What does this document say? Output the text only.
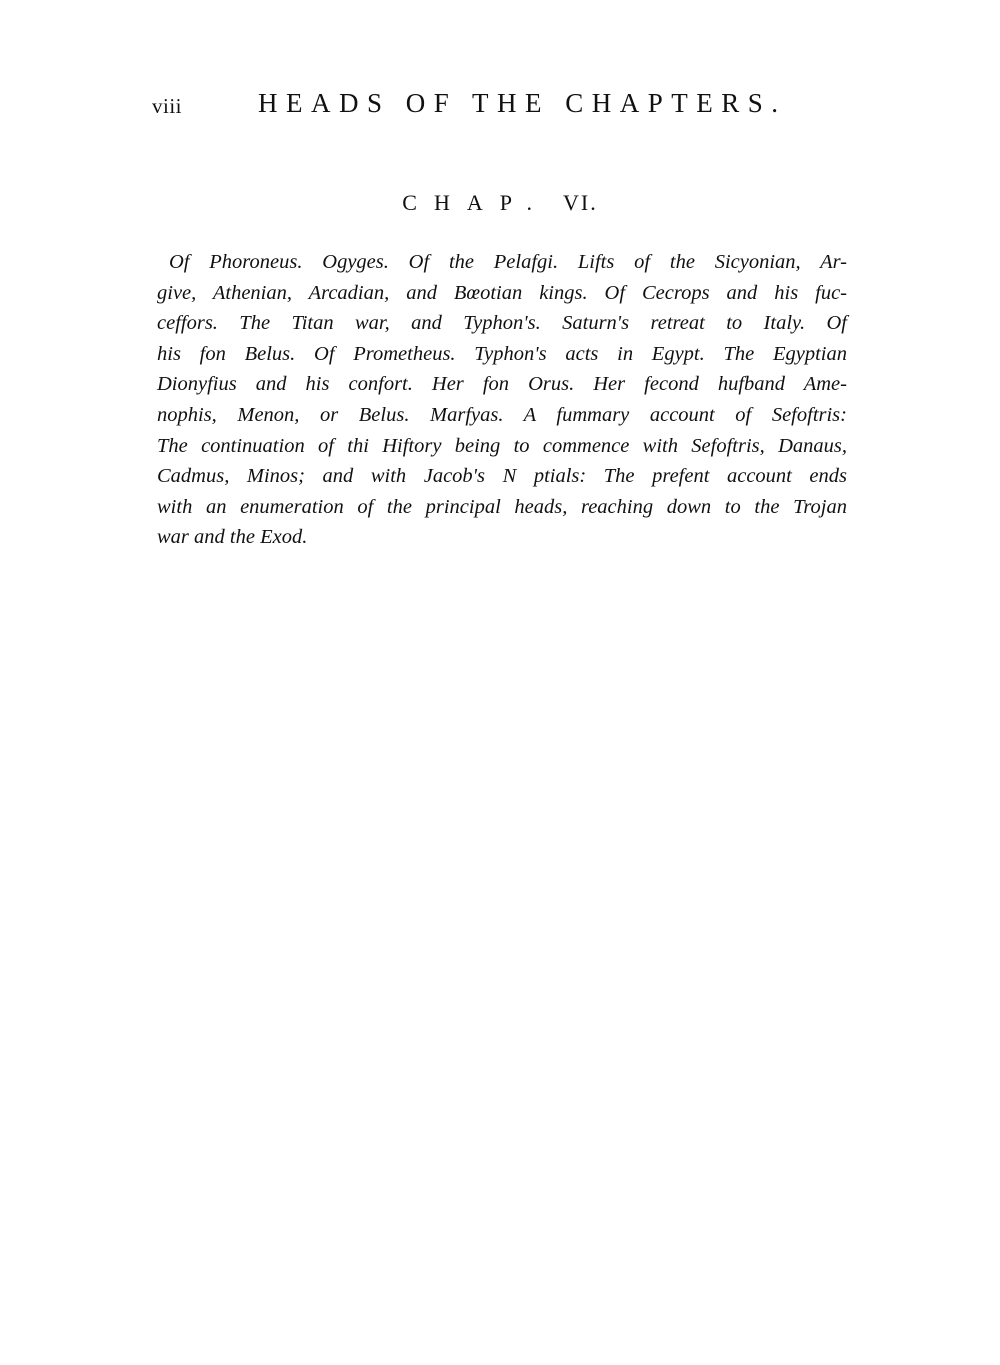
viii	HEADS OF THE CHAPTERS.
CHAP. VI.
Of Phoroneus. Ogyges. Of the Pelafgi. Lifts of the Sicyonian, Ar-
give, Athenian, Arcadian, and Bœotian kings. Of Cecrops and his fuc-
ceffors. The Titan war, and Typhon's. Saturn's retreat to Italy. Of
his fon Belus. Of Prometheus. Typhon's acts in Egypt. The Egyptian
Dionyfius and his confort. Her fon Orus. Her fecond hufband Ame-
nophis, Menon, or Belus. Marfyas. A fummary account of Sefoftris:
The continuation of thi Hiftory being to commence with Sefoftris, Danaus,
Cadmus, Minos; and with Jacob's N ptials: The prefent account ends
with an enumeration of the principal heads, reaching down to the Trojan
war and the Exod.
